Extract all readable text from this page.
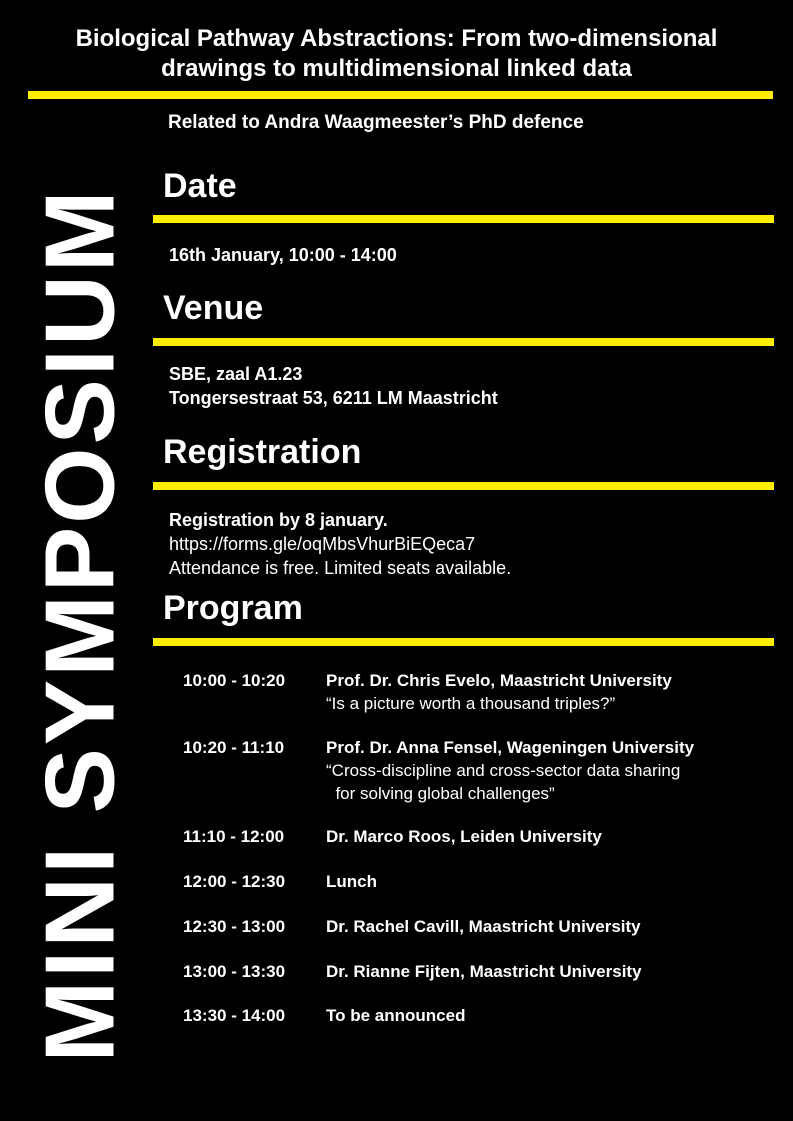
Biological Pathway Abstractions: From two-dimensional
drawings to multidimensional linked data
Related to Andra Waagmeester’s PhD defence
MINI SYMPOSIUM
Date
16th January, 10:00 - 14:00
Venue
SBE, zaal A1.23
Tongersestraat 53, 6211 LM Maastricht
Registration
Registration by 8 january.
https://forms.gle/oqMbsVhurBiEQeca7
Attendance is free. Limited seats available.
Program
10:00 - 10:20 Prof. Dr. Chris Evelo, Maastricht University
“Is a picture worth a thousand triples?”
10:20 - 11:10 Prof. Dr. Anna Fensel, Wageningen University
“Cross-discipline and cross-sector data sharing
for solving global challenges”
11:10 - 12:00 Dr. Marco Roos, Leiden University
12:00 - 12:30 Lunch
12:30 - 13:00 Dr. Rachel Cavill, Maastricht University
13:00 - 13:30 Dr. Rianne Fijten, Maastricht University
13:30 - 14:00 To be announced
